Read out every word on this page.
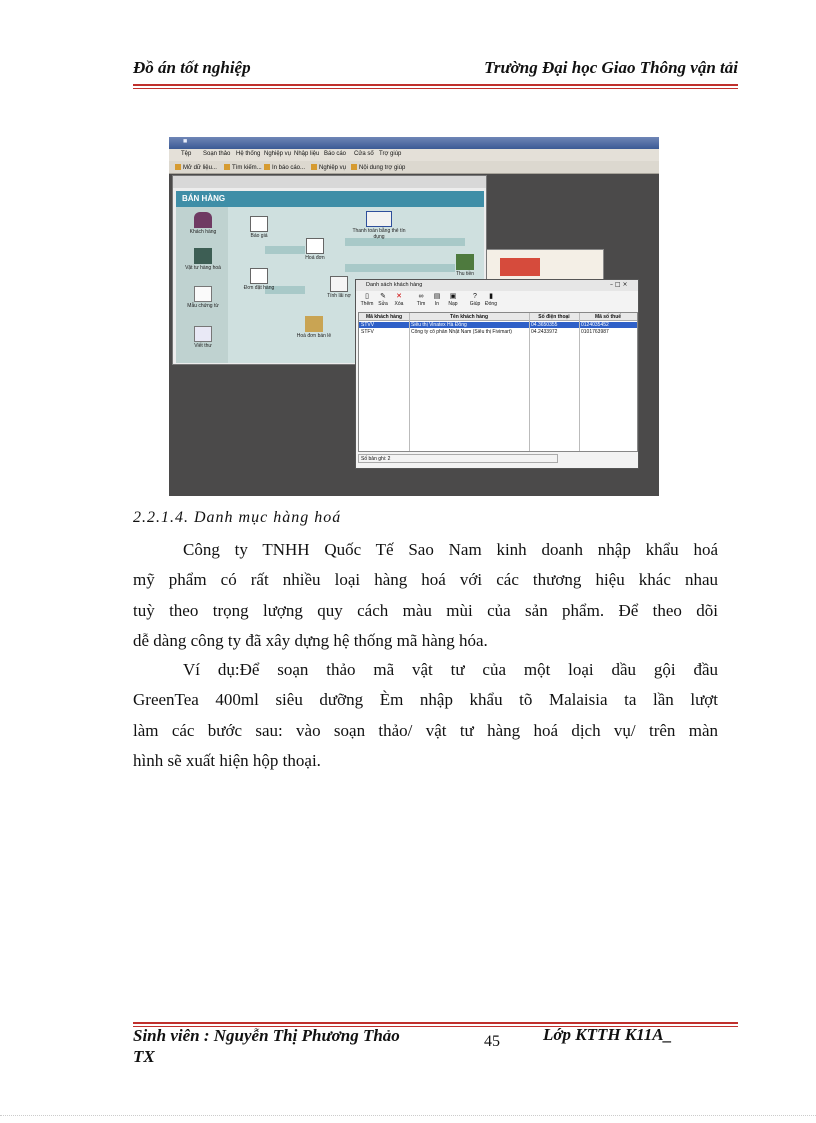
Đồ án tốt nghiệp	Trường Đại học Giao Thông vận tải
■
Tệp Soạn thảo Hệ thống Nghiệp vụ Nhập liệu Báo cáo Cửa số Trợ giúp
Mở dữ liệu...	Tìm kiếm...	In báo cáo...	Nghiệp vụ	Nội dung trợ giúp
BÁN HÀNG
Khách hàng
Vật tư hàng hoá
Mẫu chứng từ
Viết thư
Báo giá
Đơn đặt hàng
Hoá đơn
Tính lãi nợ
Hoá đơn bán lẻ
Thanh toán bằng thẻ tín dụng
Thu tiền
Danh sách khách hàng	– □ ×
▯
Thêm
✎
Sửa
✕
Xóa
∞
Tìm
▤
In
▣
Nạp
?
Giúp
▮
Đóng
Mã khách hàng	Tên khách hàng	Số điện thoại	Mã số thuế
STVV	Siêu thị Vinatex Hà Đông	04.3650355	0124035452
STFV	Công ty cổ phần Nhật Nam (Siêu thị Fivimart)	04.2433972	0101763987
Số bản ghi: 2
2.2.1.4. Danh mục hàng hoá
Công ty TNHH Quốc Tế Sao Nam kinh doanh nhập khẩu hoá
mỹ phẩm có rất nhiều loại hàng hoá với các thương hiệu khác nhau
tuỳ theo trọng lượng quy cách màu mùi của sản phẩm. Để theo dõi
dễ dàng công ty đã xây dựng hệ thống mã hàng hóa.
Ví dụ:Để soạn thảo mã vật tư của một loại dầu gội đầu
GreenTea 400ml siêu dưỡng Èm nhập khẩu tõ Malaisia ta lần lượt
làm các bước sau: vào soạn thảo/ vật tư hàng hoá dịch vụ/ trên màn
hình sẽ xuất hiện hộp thoại.
Sinh viên : Nguyễn Thị Phương Thảo
TX
45	Lớp KTTH K11A_
